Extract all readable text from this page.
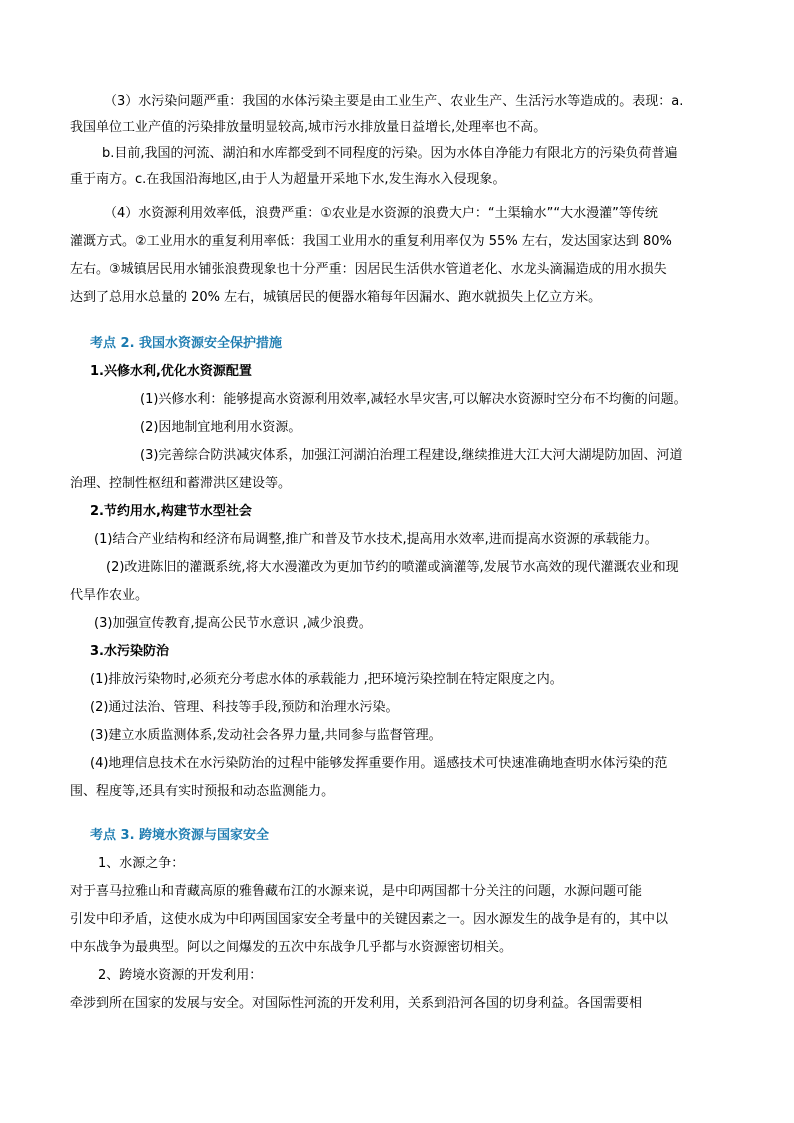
（3）水污染问题严重：我国的水体污染主要是由工业生产、农业生产、生活污水等造成的。表现：a.
我国单位工业产值的污染排放量明显较高,城市污水排放量日益增长,处理率也不高。
b.目前,我国的河流、湖泊和水库都受到不同程度的污染。因为水体自净能力有限北方的污染负荷普遍
重于南方。c.在我国沿海地区,由于人为超量开采地下水,发生海水入侵现象。
（4）水资源利用效率低，浪费严重：①农业是水资源的浪费大户：“土渠输水”“大水漫灌”等传统
灌溉方式。②工业用水的重复利用率低：我国工业用水的重复利用率仅为 55% 左右，发达国家达到 80%
左右。③城镇居民用水铺张浪费现象也十分严重：因居民生活供水管道老化、水龙头滴漏造成的用水损失
达到了总用水总量的 20% 左右，城镇居民的便器水箱每年因漏水、跑水就损失上亿立方米。
考点 2. 我国水资源安全保护措施
1.兴修水利,优化水资源配置
(1)兴修水利：能够提高水资源利用效率,减轻水旱灾害,可以解决水资源时空分布不均衡的问题。
(2)因地制宜地利用水资源。
(3)完善综合防洪减灾体系，加强江河湖泊治理工程建设,继续推进大江大河大湖堤防加固、河道
治理、控制性枢纽和蓄滞洪区建设等。
2.节约用水,构建节水型社会
(1)结合产业结构和经济布局调整,推广和普及节水技术,提高用水效率,进而提高水资源的承载能力。
(2)改进陈旧的灌溉系统,将大水漫灌改为更加节约的喷灌或滴灌等,发展节水高效的现代灌溉农业和现
代旱作农业。
(3)加强宣传教育,提高公民节水意识 ,减少浪费。
3.水污染防治
(1)排放污染物时,必须充分考虑水体的承载能力 ,把环境污染控制在特定限度之内。
(2)通过法治、管理、科技等手段,预防和治理水污染。
(3)建立水质监测体系,发动社会各界力量,共同参与监督管理。
(4)地理信息技术在水污染防治的过程中能够发挥重要作用。遥感技术可快速准确地查明水体污染的范
围、程度等,还具有实时预报和动态监测能力。
考点 3. 跨境水资源与国家安全
1、水源之争：
对于喜马拉雅山和青藏高原的雅鲁藏布江的水源来说，是中印两国都十分关注的问题，水源问题可能
引发中印矛盾，这使水成为中印两国国家安全考量中的关键因素之一。因水源发生的战争是有的，其中以
中东战争为最典型。阿以之间爆发的五次中东战争几乎都与水资源密切相关。
2、跨境水资源的开发利用：
牵涉到所在国家的发展与安全。对国际性河流的开发利用，关系到沿河各国的切身利益。各国需要相
